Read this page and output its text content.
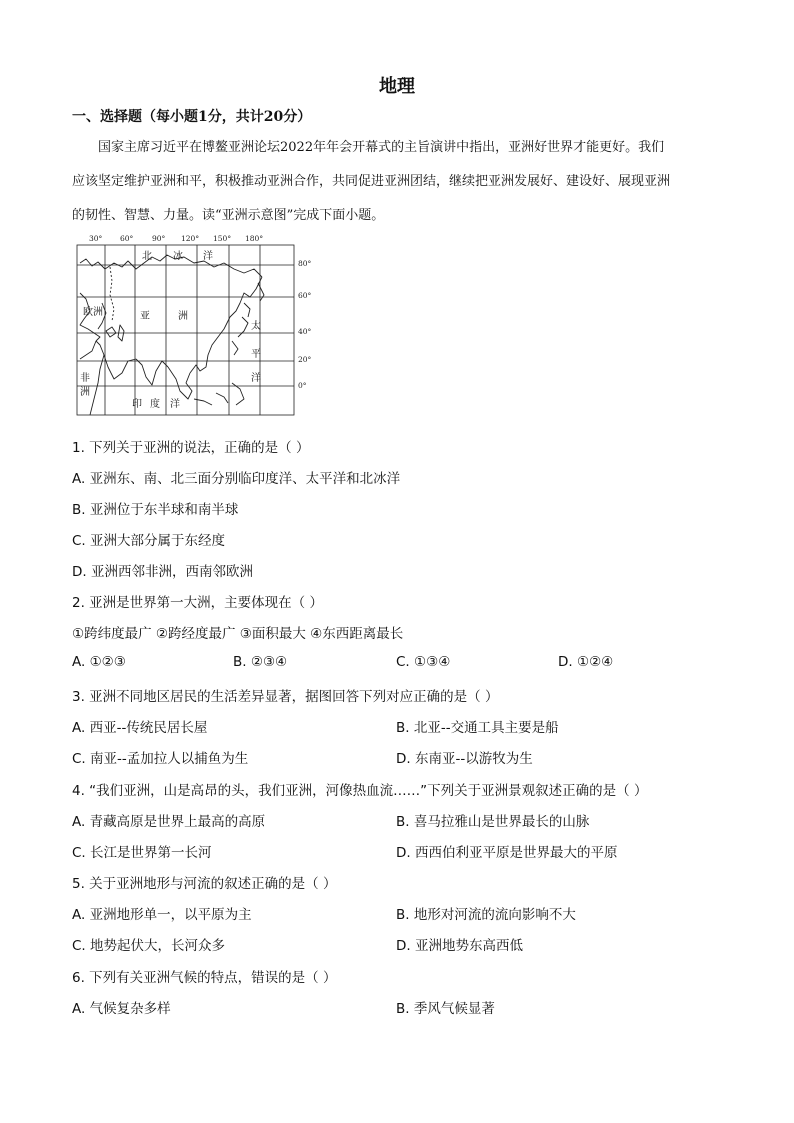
地理
一、选择题（每小题1分，共计20分）

国家主席习近平在博鳌亚洲论坛2022年年会开幕式的主旨演讲中指出，亚洲好世界才能更好。我们

应该坚定维护亚洲和平，积极推动亚洲合作，共同促进亚洲团结，继续把亚洲发展好、建设好、展现亚洲

的韧性、智慧、力量。读“亚洲示意图”完成下面小题。

30° 60° 90° 120° 150° 180°
80°
60°
40°
20°
0°
北 冰 洋
欧洲	亚	洲
太
平
洋
非
洲
印 度 洋
1. 下列关于亚洲的说法，正确的是（ ）
A. 亚洲东、南、北三面分别临印度洋、太平洋和北冰洋
B. 亚洲位于东半球和南半球
C. 亚洲大部分属于东经度
D. 亚洲西邻非洲，西南邻欧洲
2. 亚洲是世界第一大洲，主要体现在（ ）
①跨纬度最广 ②跨经度最广 ③面积最大 ④东西距离最长
A. ①②③	B. ②③④	C. ①③④	D. ①②④
3. 亚洲不同地区居民的生活差异显著，据图回答下列对应正确的是（ ）
A. 西亚--传统民居长屋	B. 北亚--交通工具主要是船
C. 南亚--孟加拉人以捕鱼为生	D. 东南亚--以游牧为生
4. “我们亚洲，山是高昂的头，我们亚洲，河像热血流……”下列关于亚洲景观叙述正确的是（ ）
A. 青藏高原是世界上最高的高原	B. 喜马拉雅山是世界最长的山脉
C. 长江是世界第一长河	D. 西西伯利亚平原是世界最大的平原
5. 关于亚洲地形与河流的叙述正确的是（ ）
A. 亚洲地形单一，以平原为主	B. 地形对河流的流向影响不大
C. 地势起伏大，长河众多	D. 亚洲地势东高西低
6. 下列有关亚洲气候的特点，错误的是（ ）
A. 气候复杂多样	B. 季风气候显著
